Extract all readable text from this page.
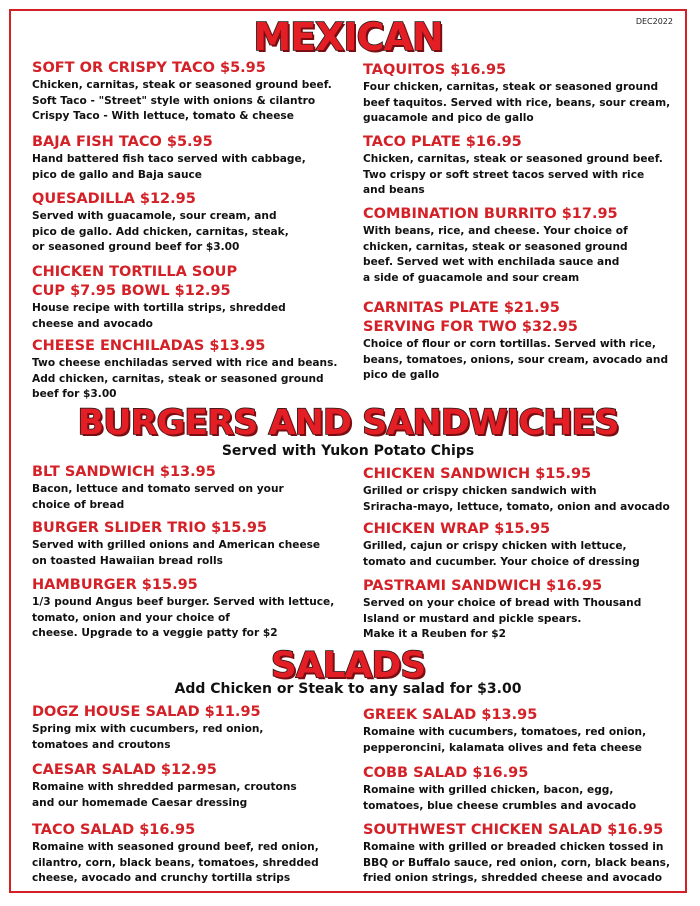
DEC2022
MEXICAN
SOFT OR CRISPY TACO $5.95

Chicken, carnitas, steak or seasoned ground beef.
Soft Taco - "Street" style with onions & cilantro
Crispy Taco - With lettuce, tomato & cheese

BAJA FISH TACO $5.95

Hand battered fish taco served with cabbage,
pico de gallo and Baja sauce

QUESADILLA $12.95

Served with guacamole, sour cream, and
pico de gallo. Add chicken, carnitas, steak,
or seasoned ground beef for $3.00

CHICKEN TORTILLA SOUP
CUP $7.95 BOWL $12.95

House recipe with tortilla strips, shredded
cheese and avocado

CHEESE ENCHILADAS $13.95

Two cheese enchiladas served with rice and beans.
Add chicken, carnitas, steak or seasoned ground
beef for $3.00

TAQUITOS $16.95

Four chicken, carnitas, steak or seasoned ground
beef taquitos. Served with rice, beans, sour cream,
guacamole and pico de gallo

TACO PLATE $16.95

Chicken, carnitas, steak or seasoned ground beef.
Two crispy or soft street tacos served with rice
and beans

COMBINATION BURRITO $17.95

With beans, rice, and cheese. Your choice of
chicken, carnitas, steak or seasoned ground
beef. Served wet with enchilada sauce and
a side of guacamole and sour cream

CARNITAS PLATE $21.95
SERVING FOR TWO $32.95

Choice of flour or corn tortillas. Served with rice,
beans, tomatoes, onions, sour cream, avocado and
pico de gallo

BURGERS AND SANDWICHES
Served with Yukon Potato Chips
BLT SANDWICH $13.95

Bacon, lettuce and tomato served on your
choice of bread

BURGER SLIDER TRIO $15.95

Served with grilled onions and American cheese
on toasted Hawaiian bread rolls

HAMBURGER $15.95

1/3 pound Angus beef burger. Served with lettuce,
tomato, onion and your choice of
cheese. Upgrade to a veggie patty for $2

CHICKEN SANDWICH $15.95

Grilled or crispy chicken sandwich with
Sriracha-mayo, lettuce, tomato, onion and avocado

CHICKEN WRAP $15.95

Grilled, cajun or crispy chicken with lettuce,
tomato and cucumber. Your choice of dressing

PASTRAMI SANDWICH $16.95

Served on your choice of bread with Thousand
Island or mustard and pickle spears.
Make it a Reuben for $2

SALADS
Add Chicken or Steak to any salad for $3.00
DOGZ HOUSE SALAD $11.95

Spring mix with cucumbers, red onion,
tomatoes and croutons

CAESAR SALAD $12.95

Romaine with shredded parmesan, croutons
and our homemade Caesar dressing

TACO SALAD $16.95

Romaine with seasoned ground beef, red onion,
cilantro, corn, black beans, tomatoes, shredded
cheese, avocado and crunchy tortilla strips

GREEK SALAD $13.95

Romaine with cucumbers, tomatoes, red onion,
pepperoncini, kalamata olives and feta cheese

COBB SALAD $16.95

Romaine with grilled chicken, bacon, egg,
tomatoes, blue cheese crumbles and avocado

SOUTHWEST CHICKEN SALAD $16.95

Romaine with grilled or breaded chicken tossed in
BBQ or Buffalo sauce, red onion, corn, black beans,
fried onion strings, shredded cheese and avocado
